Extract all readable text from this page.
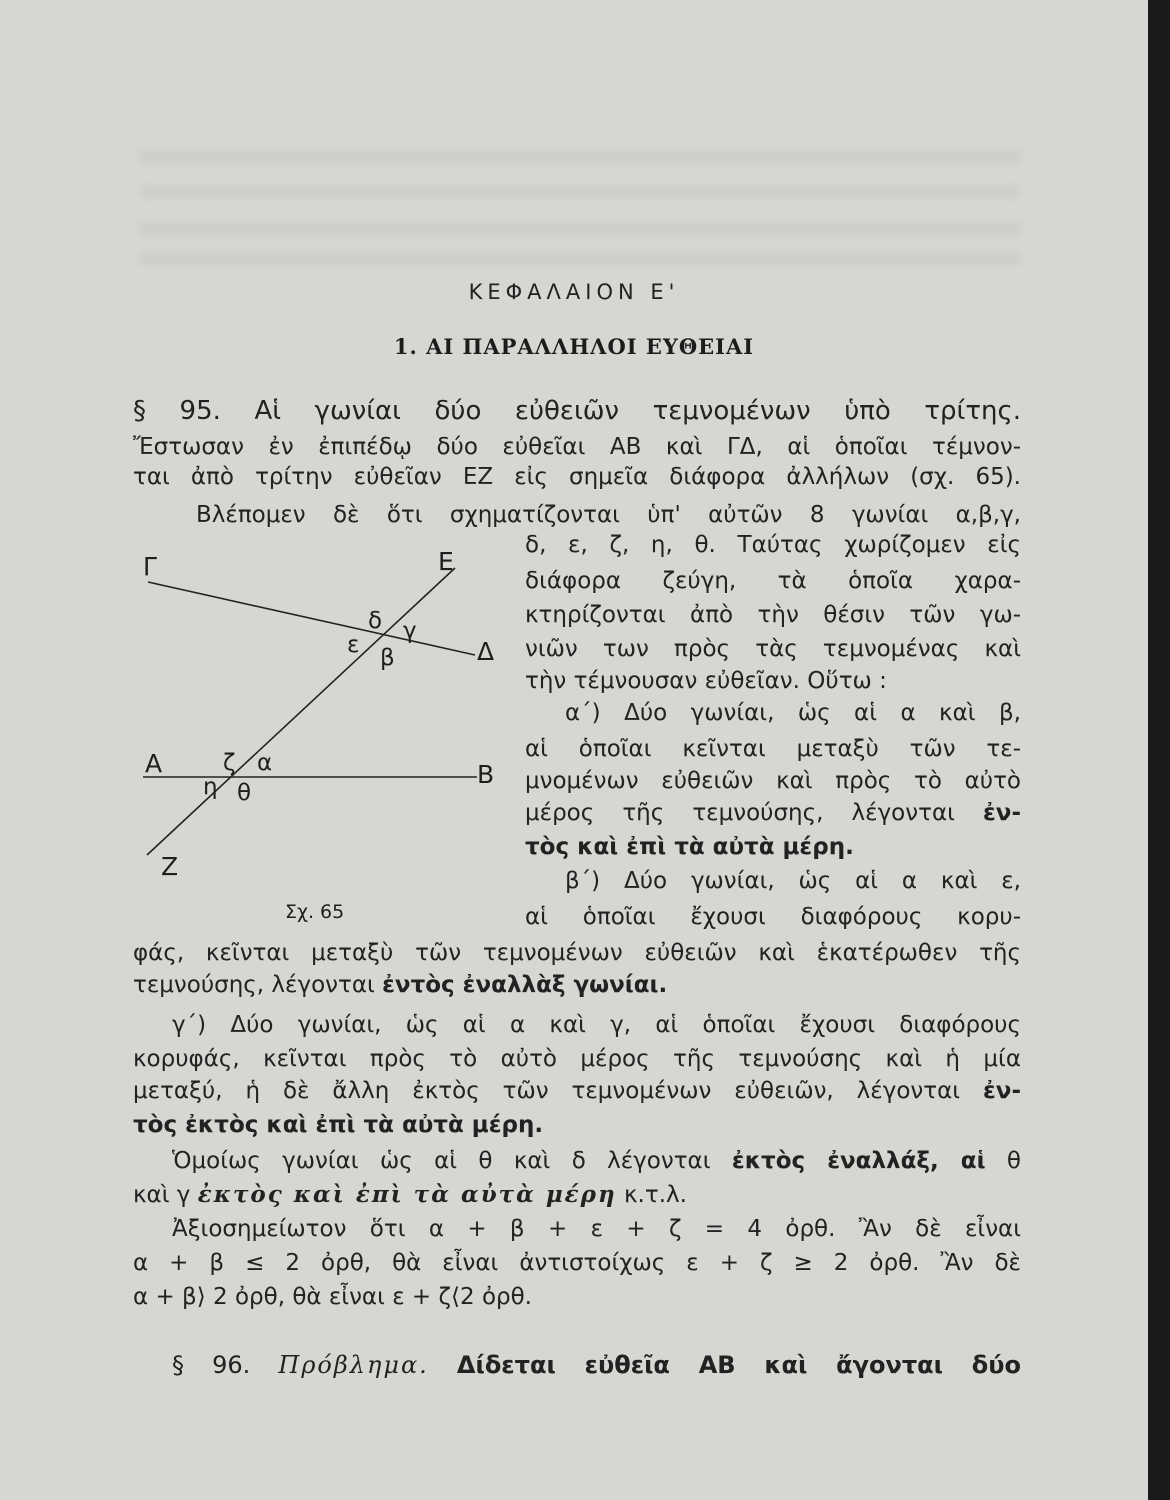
ΚΕΦΑΛΑΙΟΝ Ε'
1. ΑΙ ΠΑΡΑΛΛΗΛΟΙ ΕΥΘΕΙΑΙ
§ 95. Αἱ γωνίαι δύο εὐθειῶν τεμνομένων ὑπὸ τρίτης.
Ἔστωσαν ἐν ἐπιπέδῳ δύο εὐθεῖαι ΑΒ καὶ ΓΔ, αἱ ὁποῖαι τέμνον-
ται ἀπὸ τρίτην εὐθεῖαν ΕΖ εἰς σημεῖα διάφορα ἀλλήλων (σχ. 65).
Βλέπομεν δὲ ὅτι σχηματίζονται ὑπ' αὐτῶν 8 γωνίαι α,β,γ,
Γ	Ε
Δ
Α	Β
Ζ
δ γ
ε β
ζ α
η θ
Σχ. 65
δ, ε, ζ, η, θ. Ταύτας χωρίζομεν εἰς
διάφορα ζεύγη, τὰ ὁποῖα χαρα-
κτηρίζονται ἀπὸ τὴν θέσιν τῶν γω-
νιῶν των πρὸς τὰς τεμνομένας καὶ
τὴν τέμνουσαν εὐθεῖαν. Οὕτω :
α΄) Δύο γωνίαι, ὡς αἱ α καὶ β,
αἱ ὁποῖαι κεῖνται μεταξὺ τῶν τε-
μνομένων εὐθειῶν καὶ πρὸς τὸ αὐτὸ
μέρος τῆς τεμνούσης, λέγονται ἐν-
τὸς καὶ ἐπὶ τὰ αὐτὰ μέρη.
β΄) Δύο γωνίαι, ὡς αἱ α καὶ ε,
αἱ ὁποῖαι ἔχουσι διαφόρους κορυ-
φάς, κεῖνται μεταξὺ τῶν τεμνομένων εὐθειῶν καὶ ἑκατέρωθεν τῆς
τεμνούσης, λέγονται ἐντὸς ἐναλλὰξ γωνίαι.
γ΄) Δύο γωνίαι, ὡς αἱ α καὶ γ, αἱ ὁποῖαι ἔχουσι διαφόρους
κορυφάς, κεῖνται πρὸς τὸ αὐτὸ μέρος τῆς τεμνούσης καὶ ἡ μία
μεταξύ, ἡ δὲ ἄλλη ἐκτὸς τῶν τεμνομένων εὐθειῶν, λέγονται ἐν-
τὸς ἐκτὸς καὶ ἐπὶ τὰ αὐτὰ μέρη.
Ὁμοίως γωνίαι ὡς αἱ θ καὶ δ λέγονται ἐκτὸς ἐναλλάξ, αἱ θ
καὶ γ ἐκτὸς καὶ ἐπὶ τὰ αὐτὰ μέρη κ.τ.λ.
Ἀξιοσημείωτον ὅτι α + β + ε + ζ = 4 ὀρθ. Ἂν δὲ εἶναι
α + β ≤ 2 ὀρθ, θὰ εἶναι ἀντιστοίχως ε + ζ ≥ 2 ὀρθ. Ἂν δὲ
α + β⟩ 2 ὀρθ, θὰ εἶναι ε + ζ⟨2 ὀρθ.
§ 96. Πρόβλημα. Δίδεται εὐθεῖα ΑΒ καὶ ἄγονται δύο
